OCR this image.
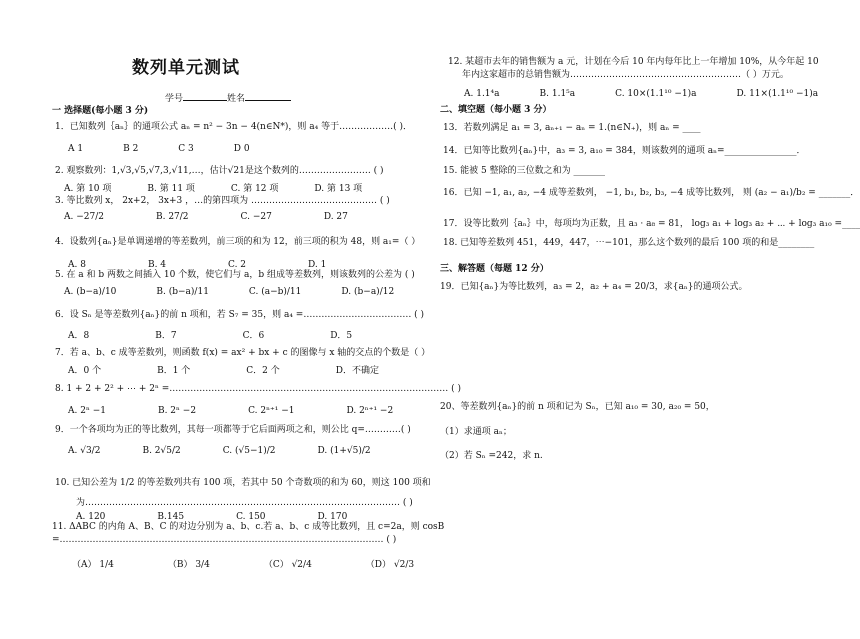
数列单元测试
学号	姓名
一 选择题(每小题 3 分)
1．已知数列｛aₙ｝的通项公式 aₙ = n² − 3n − 4(n∈N*)，则 a₄ 等于………………( )．
A 1	B 2	C 3	D 0
2. 观察数列：1,√3,√5,√7,3,√11,…，估计√21是这个数列的…………………… ( )
A. 第 10 项	B. 第 11 项	C. 第 12 项	D. 第 13 项
3. 等比数列 x， 2x+2， 3x+3 ，…的第四项为 …………………………………… ( )
A. −27/2	B. 27/2	C. −27	D. 27
4．设数列{aₙ}是单调递增的等差数列，前三项的和为 12，前三项的积为 48，则 a₁=（ ）
A. 8	B. 4	C. 2	D. 1
5. 在 a 和 b 两数之间插入 10 个数，使它们与 a，b 组成等差数列，则该数列的公差为 ( )
A. (b−a)/10	B. (b−a)/11	C. (a−b)/11	D. (b−a)/12
6．设 Sₙ 是等差数列{aₙ}的前 n 项和，若 S₇ = 35，则 a₄ =……………………………… ( )
A．8	B．7	C．6	D．5
7．若 a、b、c 成等差数列，则函数 f(x) = ax² + bx + c 的图像与 x 轴的交点的个数是（ ）
A．0 个	B．1 个	C．2 个	D．不确定
8. 1 + 2 + 2² + ⋯ + 2ⁿ =………………………………………………………………………………… ( )
A. 2ⁿ −1	B. 2ⁿ −2	C. 2ⁿ⁺¹ −1	D. 2ⁿ⁺¹ −2
9．一个各项均为正的等比数列，其每一项都等于它后面两项之和，则公比 q=…………( )
A. √3/2	B. 2√5/2	C. (√5−1)/2	D. (1+√5)/2
10. 已知公差为 1/2 的等差数列共有 100 项，若其中 50 个奇数项的和为 60，则这 100 项和
为…………………………………………………………………………………………… ( )
A. 120	B.145	C. 150	D. 170
11. ΔABC 的内角 A、B、C 的对边分别为 a、b、c.若 a、b、c 成等比数列，且 c=2a，则 cosB
=……………………………………………………………………………………………… ( )
（A） 1/4	（B） 3/4	（C） √2/4	（D） √2/3
12. 某超市去年的销售额为 a 元，计划在今后 10 年内每年比上一年增加 10%，从今年起 10
年内这家超市的总销售额为…………………………………………………（ ）万元。
A. 1.1⁴a	B. 1.1⁵a	C. 10×(1.1¹⁰ −1)a	D. 11×(1.1¹⁰ −1)a
二、填空题（每小题 3 分）
13．若数列满足 a₁ = 3, aₙ₊₁ − aₙ = 1.(n∈N₊)，则 aₙ = ____
14．已知等比数列{aₙ}中，a₃ = 3, a₁₀ = 384，则该数列的通项 aₙ=________________．
15. 能被 5 整除的三位数之和为 _______
16．已知 −1, a₁, a₂, −4 成等差数列， −1, b₁, b₂, b₃, −4 成等比数列， 则 (a₂ − a₁)/b₂ = _______．
17．设等比数列｛aₙ｝中，每项均为正数，且 a₃ · a₈ = 81， log₃ a₁ + log₃ a₂ + ⋯ + log₃ a₁₀ =____
18. 已知等差数列 451，449，447，⋯−101，那么这个数列的最后 100 项的和是________
三、解答题（每题 12 分）
19．已知{aₙ}为等比数列，a₃ = 2，a₂ + a₄ = 20/3，求{aₙ}的通项公式。
20、等差数列{aₙ}的前 n 项和记为 Sₙ，已知 a₁₀ = 30, a₂₀ = 50，
（1）求通项 aₙ；
（2）若 Sₙ =242，求 n.
